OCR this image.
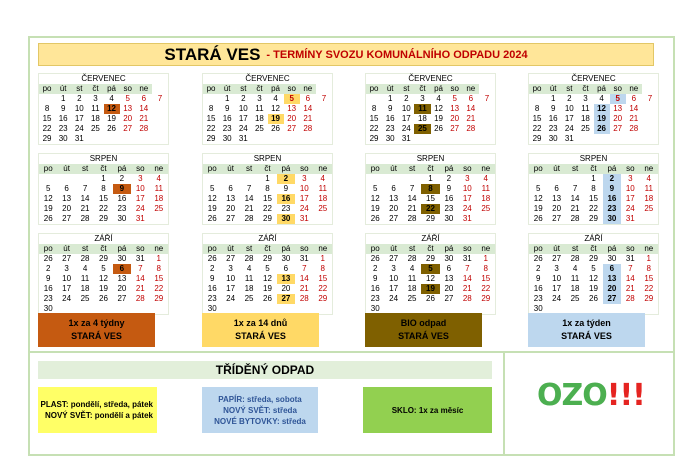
STARÁ VES - TERMÍNY SVOZU KOMUNÁLNÍHO ODPADU 2024
ČERVENEC
po	út	st	čt	pá	so	ne	
	1	2	3	4	5	6	7
8	9	10	11	12	13	14	
15	16	17	18	19	20	21	
22	23	24	25	26	27	28	
29	30	31					
SRPEN
po	út	st	čt	pá	so	ne
			1	2	3	4
5	6	7	8	9	10	11
12	13	14	15	16	17	18
19	20	21	22	23	24	25
26	27	28	29	30	31	
ZÁŘÍ
po	út	st	čt	pá	so	ne
26	27	28	29	30	31	1
2	3	4	5	6	7	8
9	10	11	12	13	14	15
16	17	18	19	20	21	22
23	24	25	26	27	28	29
30						
ČERVENEC
po	út	st	čt	pá	so	ne	
	1	2	3	4	5	6	7
8	9	10	11	12	13	14	
15	16	17	18	19	20	21	
22	23	24	25	26	27	28	
29	30	31					
SRPEN
po	út	st	čt	pá	so	ne
			1	2	3	4
5	6	7	8	9	10	11
12	13	14	15	16	17	18
19	20	21	22	23	24	25
26	27	28	29	30	31	
ZÁŘÍ
po	út	st	čt	pá	so	ne
26	27	28	29	30	31	1
2	3	4	5	6	7	8
9	10	11	12	13	14	15
16	17	18	19	20	21	22
23	24	25	26	27	28	29
30						
ČERVENEC
po	út	st	čt	pá	so	ne	
	1	2	3	4	5	6	7
8	9	10	11	12	13	14	
15	16	17	18	19	20	21	
22	23	24	25	26	27	28	
29	30	31					
SRPEN
po	út	st	čt	pá	so	ne
			1	2	3	4
5	6	7	8	9	10	11
12	13	14	15	16	17	18
19	20	21	22	23	24	25
26	27	28	29	30	31	
ZÁŘÍ
po	út	st	čt	pá	so	ne
26	27	28	29	30	31	1
2	3	4	5	6	7	8
9	10	11	12	13	14	15
16	17	18	19	20	21	22
23	24	25	26	27	28	29
30						
ČERVENEC
po	út	st	čt	pá	so	ne	
	1	2	3	4	5	6	7
8	9	10	11	12	13	14	
15	16	17	18	19	20	21	
22	23	24	25	26	27	28	
29	30	31					
SRPEN
po	út	st	čt	pá	so	ne
			1	2	3	4
5	6	7	8	9	10	11
12	13	14	15	16	17	18
19	20	21	22	23	24	25
26	27	28	29	30	31	
ZÁŘÍ
po	út	st	čt	pá	so	ne
26	27	28	29	30	31	1
2	3	4	5	6	7	8
9	10	11	12	13	14	15
16	17	18	19	20	21	22
23	24	25	26	27	28	29
30						
TŘÍDĚNÝ ODPAD
PLAST: pondělí, středa, pátek
NOVÝ SVĚT: pondělí a pátek
PAPÍR: středa, sobota
NOVÝ SVĚT: středa
NOVÉ BYTOVKY: středa
SKLO: 1x za měsíc	OZO!!!
1x za 4 týdny
STARÁ VES
1x za 14 dnů
STARÁ VES
BIO odpad
STARÁ VES
1x za týden
STARÁ VES
